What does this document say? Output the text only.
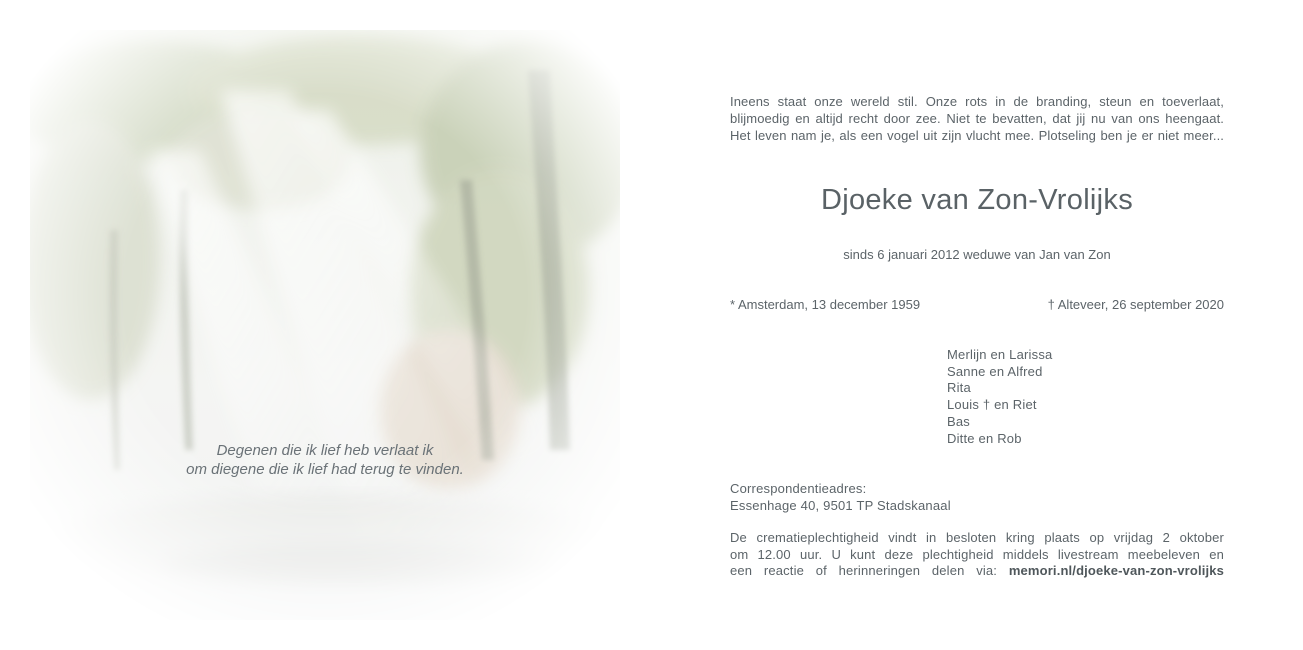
Degenen die ik lief heb verlaat ik
om diegene die ik lief had terug te vinden.
Ineens staat onze wereld stil. Onze rots in de branding, steun en toeverlaat,
blijmoedig en altijd recht door zee. Niet te bevatten, dat jij nu van ons heengaat.
Het leven nam je, als een vogel uit zijn vlucht mee. Plotseling ben je er niet meer...
Djoeke van Zon-Vrolijks
sinds 6 januari 2012 weduwe van Jan van Zon
* Amsterdam, 13 december 1959	† Alteveer, 26 september 2020
Merlijn en Larissa
Sanne en Alfred
Rita
Louis † en Riet
Bas
Ditte en Rob
Correspondentieadres:
Essenhage 40, 9501 TP Stadskanaal
De crematieplechtigheid vindt in besloten kring plaats op vrijdag 2 oktober
om 12.00 uur. U kunt deze plechtigheid middels livestream meebeleven en
een reactie of herinneringen delen via: memori.nl/djoeke-van-zon-vrolijks
